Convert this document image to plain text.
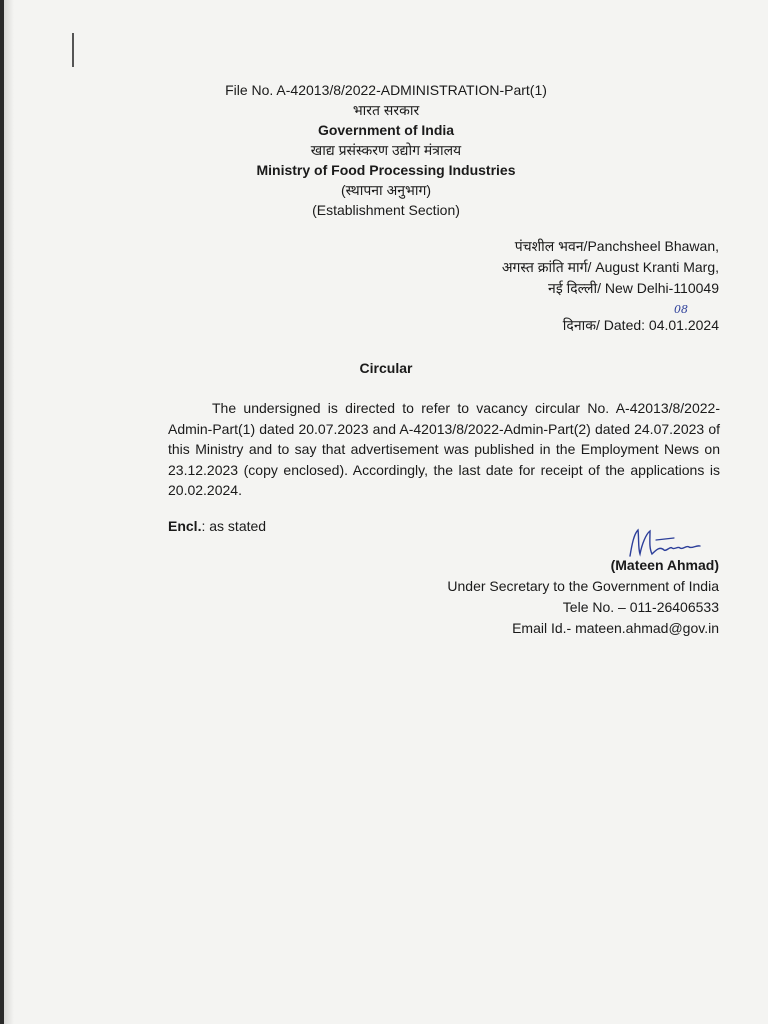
File No. A-42013/8/2022-ADMINISTRATION-Part(1)
भारत सरकार
Government of India
खाद्य प्रसंस्करण उद्योग मंत्रालय
Ministry of Food Processing Industries
(स्थापना अनुभाग)
(Establishment Section)
पंचशील भवन/Panchsheel Bhawan,
अगस्त क्रांति मार्ग/ August Kranti Marg,
नई दिल्ली/ New Delhi-110049
08
दिनाक/ Dated: 04.01.2024
Circular
The undersigned is directed to refer to vacancy circular No. A-42013/8/2022-Admin-Part(1) dated 20.07.2023 and A-42013/8/2022-Admin-Part(2) dated 24.07.2023 of this Ministry and to say that advertisement was published in the Employment News on 23.12.2023 (copy enclosed). Accordingly, the last date for receipt of the applications is 20.02.2024.
Encl.: as stated
(Mateen Ahmad)
Under Secretary to the Government of India
Tele No. – 011-26406533
Email Id.- mateen.ahmad@gov.in
